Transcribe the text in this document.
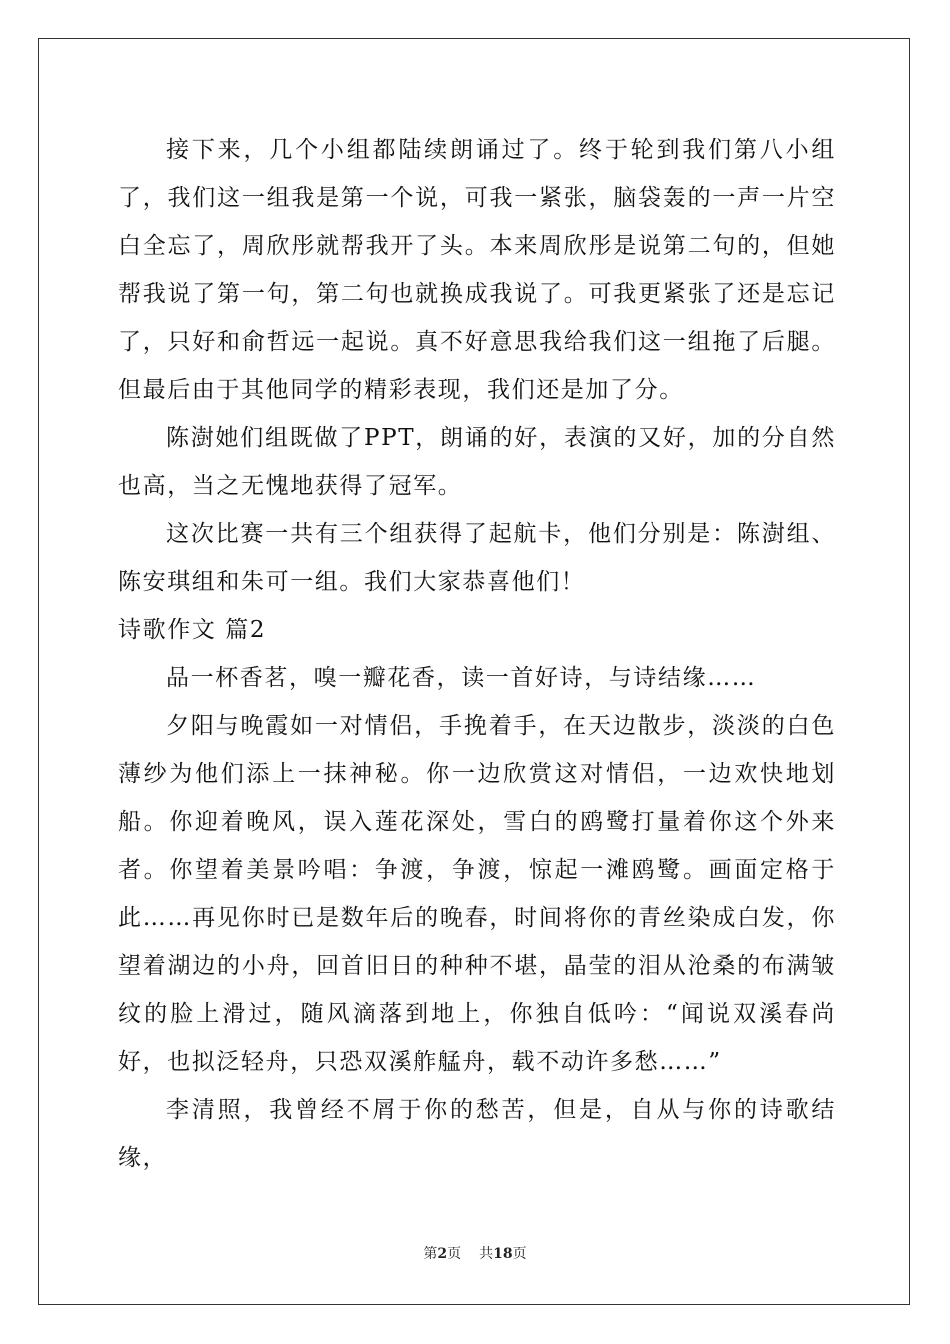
接下来，几个小组都陆续朗诵过了。终于轮到我们第八小组了，我们这一组我是第一个说，可我一紧张，脑袋轰的一声一片空白全忘了，周欣彤就帮我开了头。本来周欣彤是说第二句的，但她帮我说了第一句，第二句也就换成我说了。可我更紧张了还是忘记了，只好和俞哲远一起说。真不好意思我给我们这一组拖了后腿。但最后由于其他同学的精彩表现，我们还是加了分。

陈澍她们组既做了PPT，朗诵的好，表演的又好，加的分自然也高，当之无愧地获得了冠军。

这次比赛一共有三个组获得了起航卡，他们分别是：陈澍组、陈安琪组和朱可一组。我们大家恭喜他们！

诗歌作文 篇2

品一杯香茗，嗅一瓣花香，读一首好诗，与诗结缘……

夕阳与晚霞如一对情侣，手挽着手，在天边散步，淡淡的白色薄纱为他们添上一抹神秘。你一边欣赏这对情侣，一边欢快地划船。你迎着晚风，误入莲花深处，雪白的鸥鹭打量着你这个外来者。你望着美景吟唱：争渡，争渡，惊起一滩鸥鹭。画面定格于此……再见你时已是数年后的晚春，时间将你的青丝染成白发，你望着湖边的小舟，回首旧日的种种不堪，晶莹的泪从沧桑的布满皱纹的脸上滑过，随风滴落到地上，你独自低吟：“闻说双溪春尚好，也拟泛轻舟，只恐双溪舴艋舟，载不动许多愁……”

李清照，我曾经不屑于你的愁苦，但是，自从与你的诗歌结缘，

第2页 共18页
